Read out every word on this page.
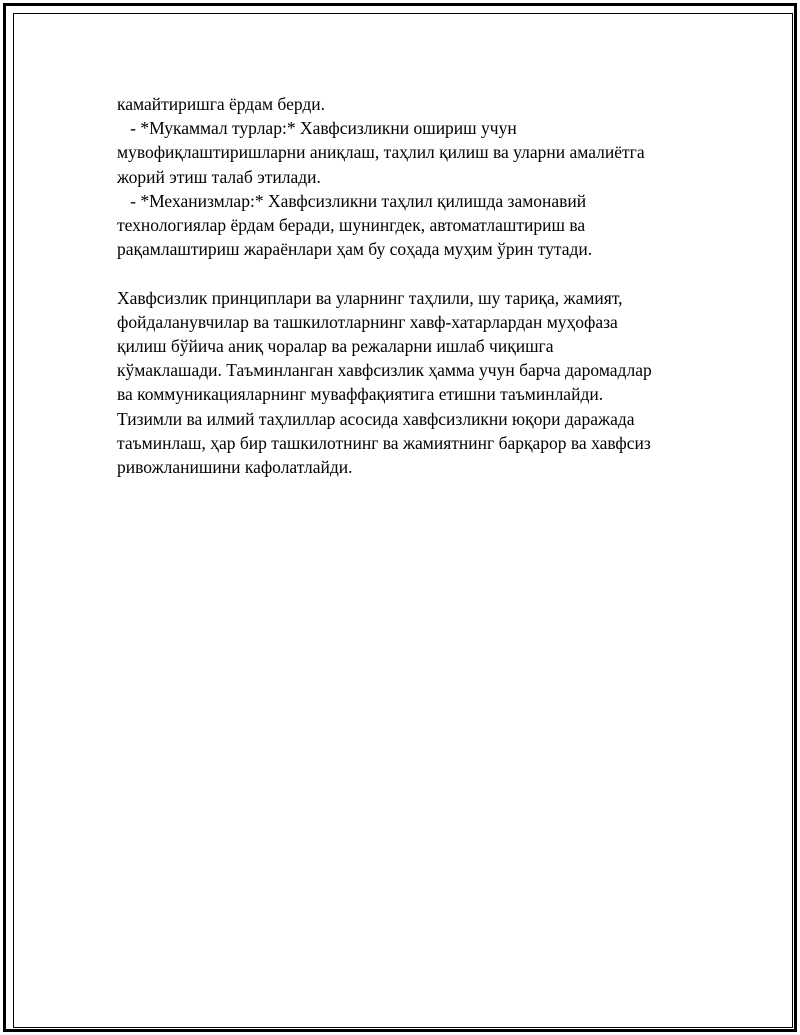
камайтиришга ёрдам берди.
- *Мукаммал турлар:* Хавфсизликни ошириш учун
мувофиқлаштиришларни аниқлаш, таҳлил қилиш ва уларни амалиётга
жорий этиш талаб этилади.
- *Механизмлар:* Хавфсизликни таҳлил қилишда замонавий
технологиялар ёрдам беради, шунингдек, автоматлаштириш ва
рақамлаштириш жараёнлари ҳам бу соҳада муҳим ўрин тутади.
Хавфсизлик принциплари ва уларнинг таҳлили, шу тариқа, жамият,
фойдаланувчилар ва ташкилотларнинг хавф-хатарлардан муҳофаза
қилиш бўйича аниқ чоралар ва режаларни ишлаб чиқишга
кўмаклашади. Таъминланган хавфсизлик ҳамма учун барча даромадлар
ва коммуникацияларнинг муваффақиятига етишни таъминлайди.
Тизимли ва илмий таҳлиллар асосида хавфсизликни юқори даражада
таъминлаш, ҳар бир ташкилотнинг ва жамиятнинг барқарор ва хавфсиз
ривожланишини кафолатлайди.
